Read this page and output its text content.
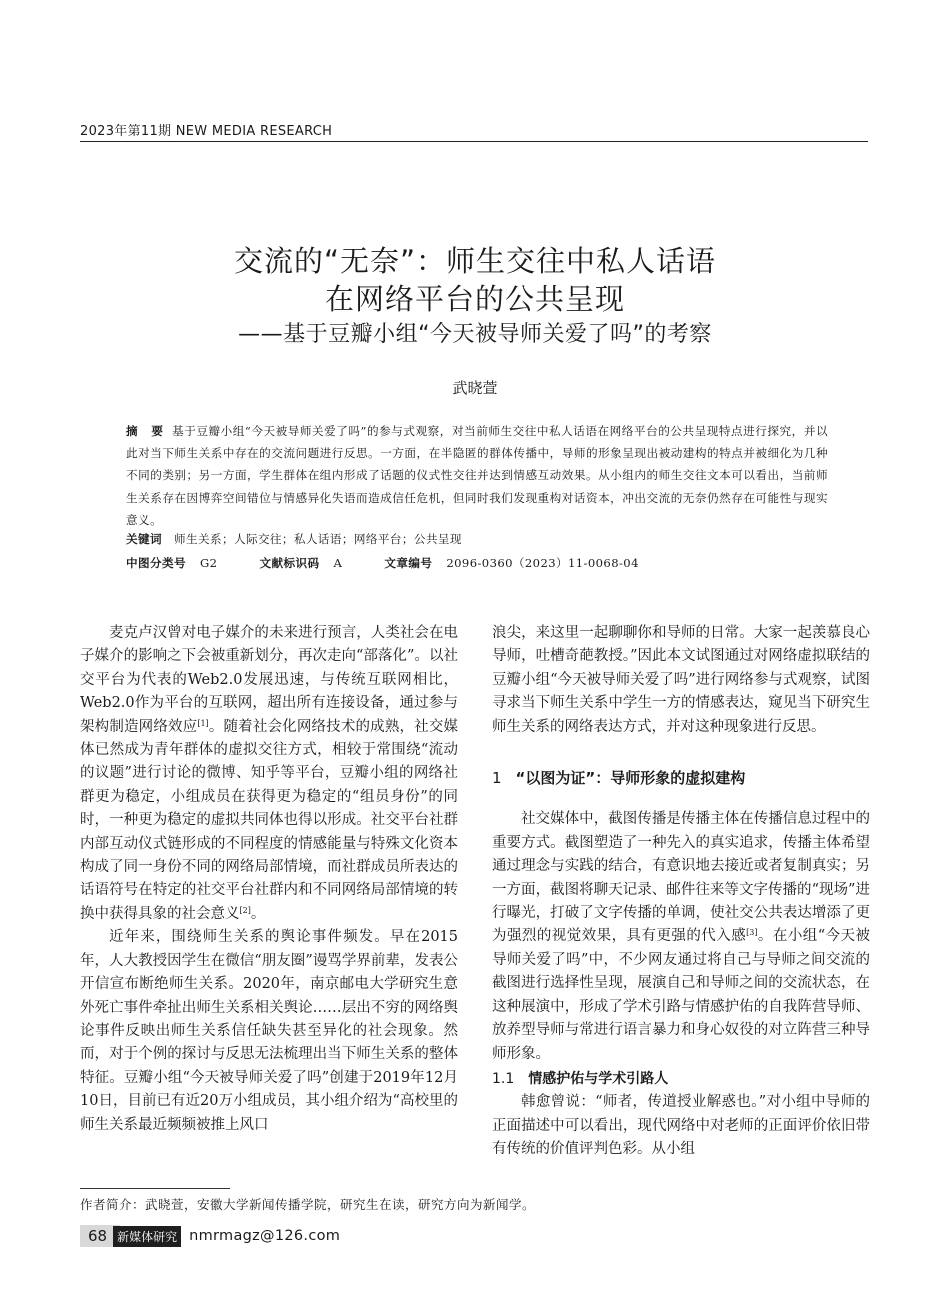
2023年第11期 NEW MEDIA RESEARCH
交流的“无奈”：师生交往中私人话语
在网络平台的公共呈现
——基于豆瓣小组“今天被导师关爱了吗”的考察
武晓萱
摘　要 基于豆瓣小组“今天被导师关爱了吗”的参与式观察，对当前师生交往中私人话语在网络平台的公共呈现特点进行探究，并以此对当下师生关系中存在的交流问题进行反思。一方面，在半隐匿的群体传播中，导师的形象呈现出被动建构的特点并被细化为几种不同的类别；另一方面，学生群体在组内形成了话题的仪式性交往并达到情感互动效果。从小组内的师生交往文本可以看出，当前师生关系存在因博弈空间错位与情感异化失语而造成信任危机，但同时我们发现重构对话资本，冲出交流的无奈仍然存在可能性与现实意义。
关键词 师生关系；人际交往；私人话语；网络平台；公共呈现
中图分类号 G2	文献标识码 A	文章编号 2096-0360（2023）11-0068-04

麦克卢汉曾对电子媒介的未来进行预言，人类社会在电子媒介的影响之下会被重新划分，再次走向“部落化”。以社交平台为代表的Web2.0发展迅速，与传统互联网相比，Web2.0作为平台的互联网，超出所有连接设备，通过参与架构制造网络效应[1]。随着社会化网络技术的成熟，社交媒体已然成为青年群体的虚拟交往方式，相较于常围绕“流动的议题”进行讨论的微博、知乎等平台，豆瓣小组的网络社群更为稳定，小组成员在获得更为稳定的“组员身份”的同时，一种更为稳定的虚拟共同体也得以形成。社交平台社群内部互动仪式链形成的不同程度的情感能量与特殊文化资本构成了同一身份不同的网络局部情境，而社群成员所表达的话语符号在特定的社交平台社群内和不同网络局部情境的转换中获得具象的社会意义[2]。

近年来，围绕师生关系的舆论事件频发。早在2015年，人大教授因学生在微信“朋友圈”谩骂学界前辈，发表公开信宣布断绝师生关系。2020年，南京邮电大学研究生意外死亡事件牵扯出师生关系相关舆论……层出不穷的网络舆论事件反映出师生关系信任缺失甚至异化的社会现象。然而，对于个例的探讨与反思无法梳理出当下师生关系的整体特征。豆瓣小组“今天被导师关爱了吗”创建于2019年12月10日，目前已有近20万小组成员，其小组介绍为“高校里的师生关系最近频频被推上风口

浪尖，来这里一起聊聊你和导师的日常。大家一起羡慕良心导师，吐槽奇葩教授。”因此本文试图通过对网络虚拟联结的豆瓣小组“今天被导师关爱了吗”进行网络参与式观察，试图寻求当下师生关系中学生一方的情感表达，窥见当下研究生师生关系的网络表达方式，并对这种现象进行反思。

1 “以图为证”：导师形象的虚拟建构

社交媒体中，截图传播是传播主体在传播信息过程中的重要方式。截图塑造了一种先入的真实追求，传播主体希望通过理念与实践的结合，有意识地去接近或者复制真实；另一方面，截图将聊天记录、邮件往来等文字传播的“现场”进行曝光，打破了文字传播的单调，使社交公共表达增添了更为强烈的视觉效果，具有更强的代入感[3]。在小组“今天被导师关爱了吗”中，不少网友通过将自己与导师之间交流的截图进行选择性呈现，展演自己和导师之间的交流状态，在这种展演中，形成了学术引路与情感护佑的自我阵营导师、放养型导师与常进行语言暴力和身心奴役的对立阵营三种导师形象。

1.1 情感护佑与学术引路人

韩愈曾说：“师者，传道授业解惑也。”对小组中导师的正面描述中可以看出，现代网络中对老师的正面评价依旧带有传统的价值评判色彩。从小组

作者简介：武晓萱，安徽大学新闻传播学院，研究生在读，研究方向为新闻学。
68 新媒体研究 nmrmagz@126.com
